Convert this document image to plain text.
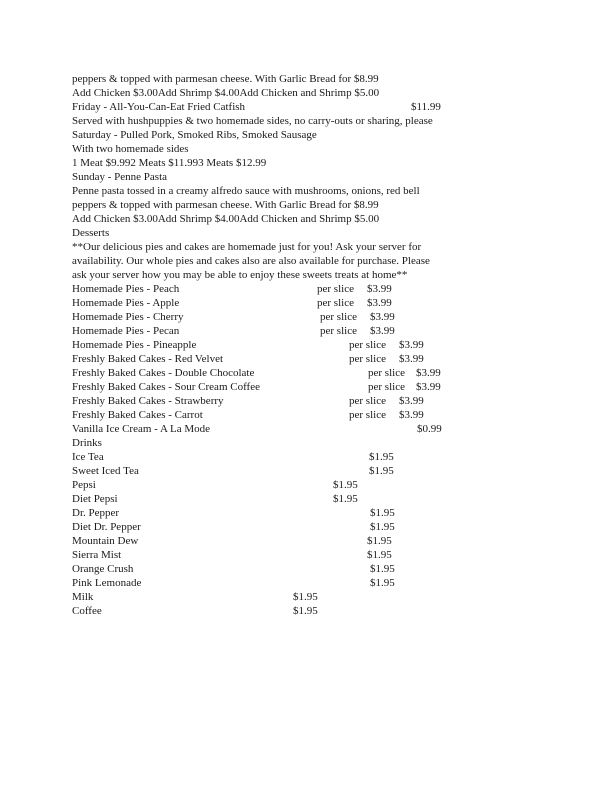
peppers & topped with parmesan cheese. With Garlic Bread for $8.99
Add Chicken $3.00Add Shrimp $4.00Add Chicken and Shrimp $5.00
Friday - All-You-Can-Eat Fried Catfish	$11.99
Served with hushpuppies & two homemade sides, no carry-outs or sharing, please
Saturday - Pulled Pork, Smoked Ribs, Smoked Sausage
With two homemade sides
1 Meat $9.992 Meats $11.993 Meats $12.99
Sunday - Penne Pasta
Penne pasta tossed in a creamy alfredo sauce with mushrooms, onions, red bell
peppers & topped with parmesan cheese. With Garlic Bread for $8.99
Add Chicken $3.00Add Shrimp $4.00Add Chicken and Shrimp $5.00
Desserts
**Our delicious pies and cakes are homemade just for you! Ask your server for
availability. Our whole pies and cakes also are also available for purchase. Please
ask your server how you may be able to enjoy these sweets treats at home**
Homemade Pies - Peach	per slice $3.99
Homemade Pies - Apple	per slice $3.99
Homemade Pies - Cherry	per slice $3.99
Homemade Pies - Pecan	per slice $3.99
Homemade Pies - Pineapple	per slice $3.99
Freshly Baked Cakes - Red Velvet	per slice $3.99
Freshly Baked Cakes - Double Chocolate	per slice $3.99
Freshly Baked Cakes - Sour Cream Coffee	per slice $3.99
Freshly Baked Cakes - Strawberry	per slice $3.99
Freshly Baked Cakes - Carrot	per slice $3.99
Vanilla Ice Cream - A La Mode	$0.99
Drinks
Ice Tea	$1.95
Sweet Iced Tea	$1.95
Pepsi	$1.95
Diet Pepsi	$1.95
Dr. Pepper	$1.95
Diet Dr. Pepper	$1.95
Mountain Dew	$1.95
Sierra Mist	$1.95
Orange Crush	$1.95
Pink Lemonade	$1.95
Milk	$1.95
Coffee	$1.95
